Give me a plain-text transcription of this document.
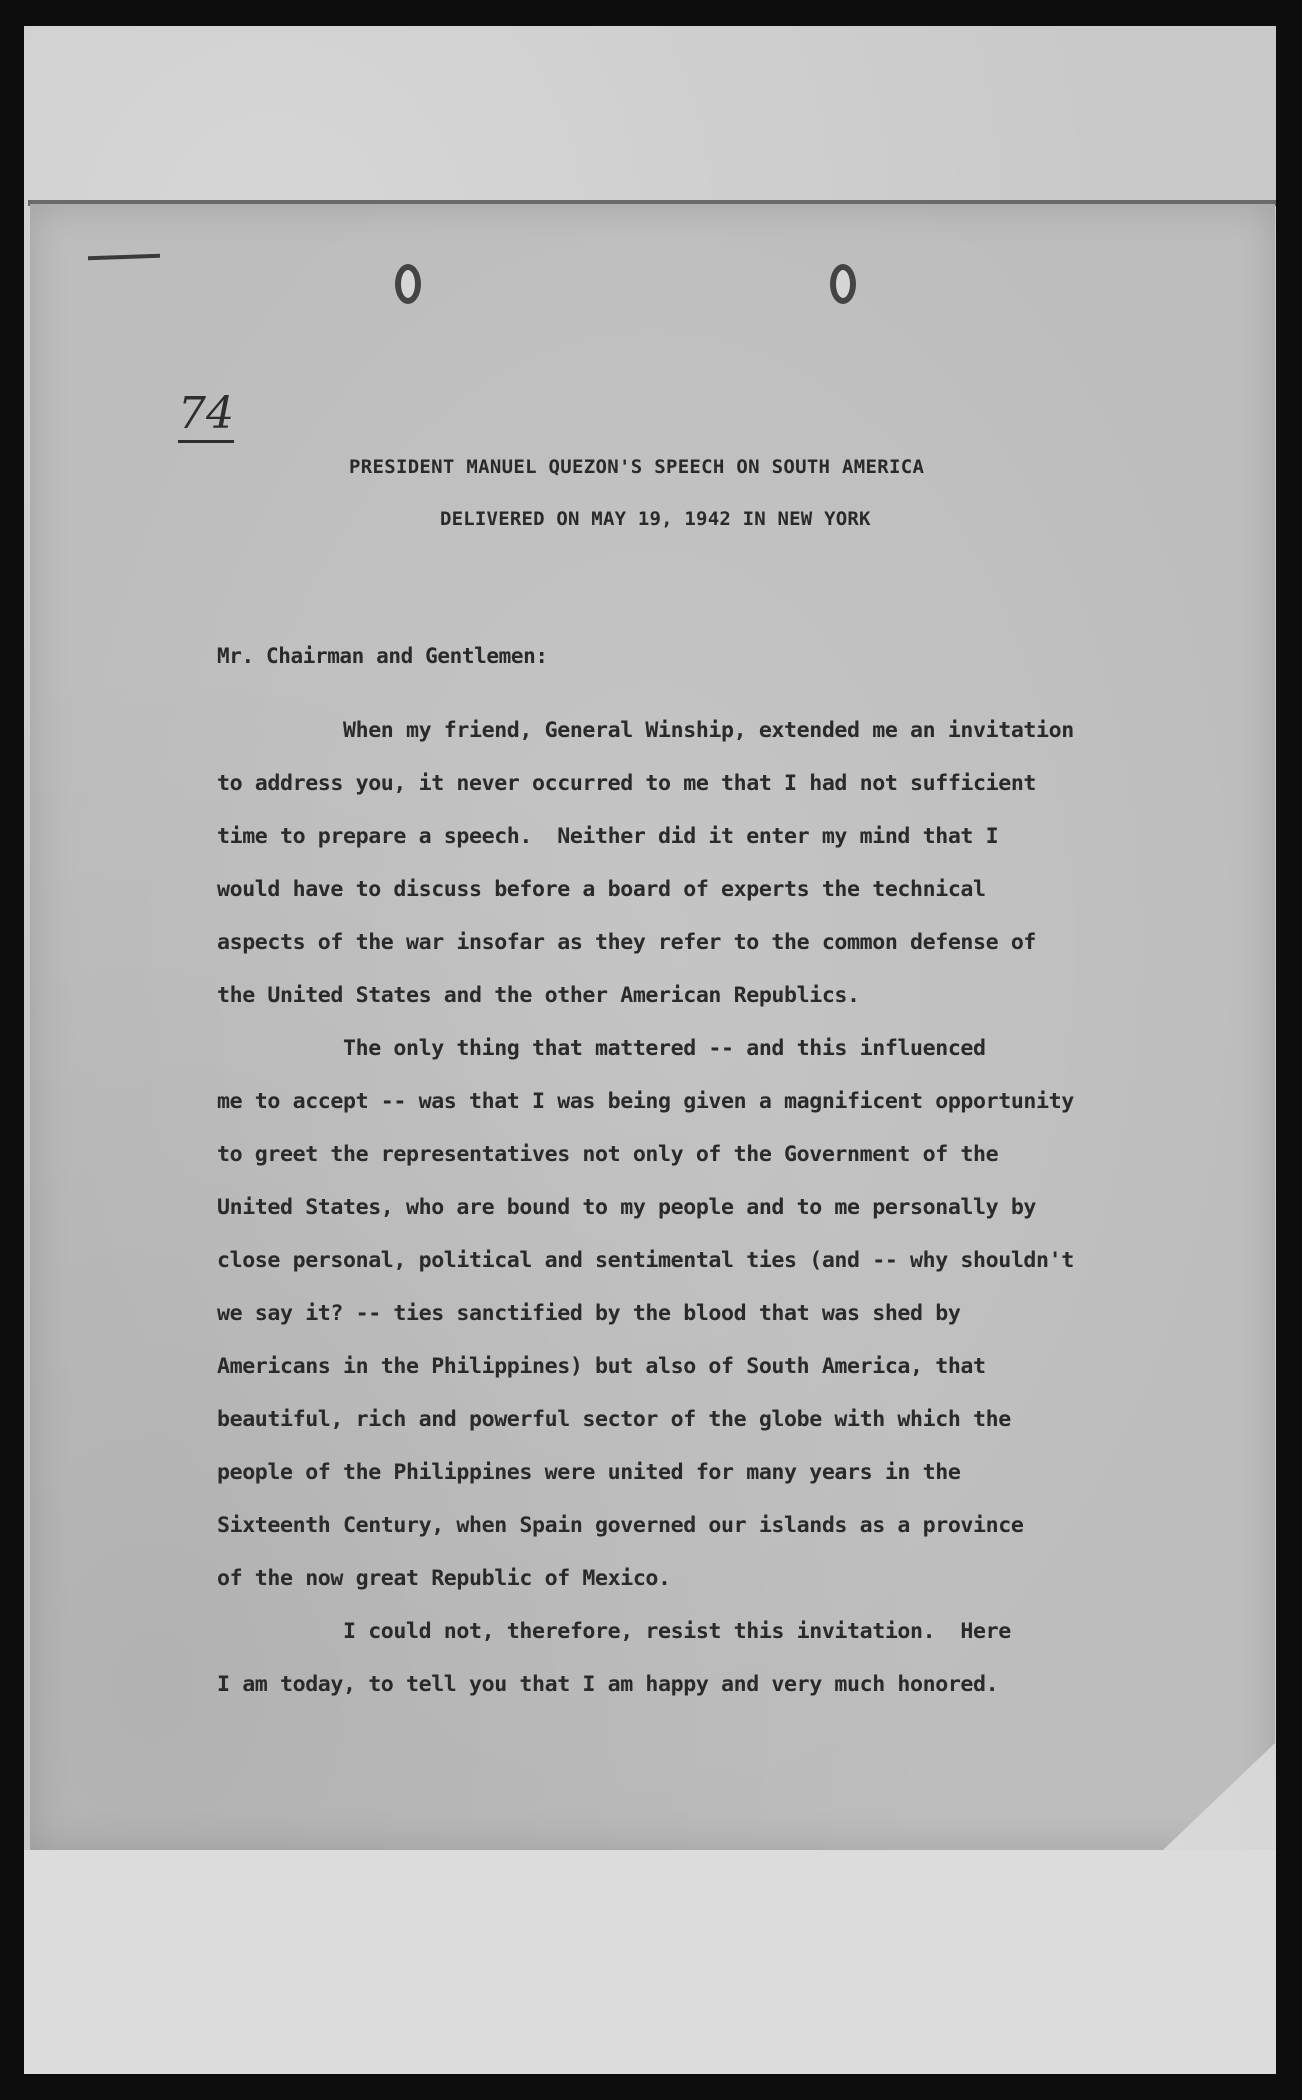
74
PRESIDENT MANUEL QUEZON'S SPEECH ON SOUTH AMERICA
DELIVERED ON MAY 19, 1942 IN NEW YORK
Mr. Chairman and Gentlemen:
When my friend, General Winship, extended me an invitation
to address you, it never occurred to me that I had not sufficient
time to prepare a speech.  Neither did it enter my mind that I
would have to discuss before a board of experts the technical
aspects of the war insofar as they refer to the common defense of
the United States and the other American Republics.
The only thing that mattered -- and this influenced
me to accept -- was that I was being given a magnificent opportunity
to greet the representatives not only of the Government of the
United States, who are bound to my people and to me personally by
close personal, political and sentimental ties (and -- why shouldn't
we say it? -- ties sanctified by the blood that was shed by
Americans in the Philippines) but also of South America, that
beautiful, rich and powerful sector of the globe with which the
people of the Philippines were united for many years in the
Sixteenth Century, when Spain governed our islands as a province
of the now great Republic of Mexico.
I could not, therefore, resist this invitation.  Here
I am today, to tell you that I am happy and very much honored.
